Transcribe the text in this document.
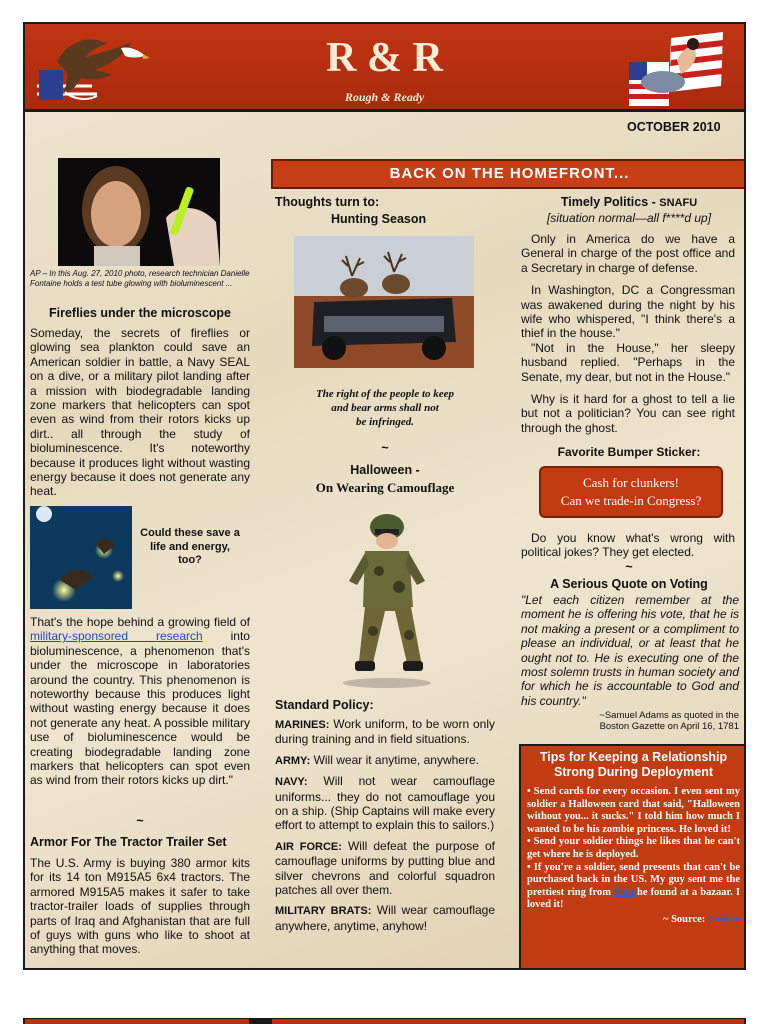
R & R
Rough & Ready
OCTOBER 2010
AP – In this Aug. 27, 2010 photo, research technician Danielle Fontaine holds a test tube glowing with bioluminescent ...
Fireflies under the microscope

Someday, the secrets of fireflies or glowing sea plankton could save an American soldier in battle, a Navy SEAL on a dive, or a military pilot landing after a mission with biodegradable landing zone markers that helicopters can spot even as wind from their rotors kicks up dirt.. all through the study of bioluminescence. It's noteworthy because it produces light without wasting energy because it does not generate any heat.

Could these save a life and energy, too?

That's the hope behind a growing field of military-sponsored research into bioluminescence, a phenomenon that's under the microscope in laboratories around the country. This phenomenon is noteworthy because this produces light without wasting energy because it does not generate any heat. A possible military use of bioluminescence would be creating biodegradable landing zone markers that helicopters can spot even as wind from their rotors kicks up dirt."

~
Armor For The Tractor Trailer Set

The U.S. Army is buying 380 armor kits for its 14 ton M915A5 6x4 tractors. The armored M915A5 makes it safer to take tractor-trailer loads of supplies through parts of Iraq and Afghanistan that are full of guys with guns who like to shoot at anything that moves.

BACK ON THE HOMEFRONT...
Thoughts turn to:
Hunting Season
The right of the people to keep
and bear arms shall not
be infringed.
~
Halloween -
On Wearing Camouflage
Standard Policy:

MARINES: Work uniform, to be worn only during training and in field situations.

ARMY: Will wear it anytime, anywhere.

NAVY: Will not wear camouflage uniforms... they do not camouflage you on a ship. (Ship Captains will make every effort to attempt to explain this to sailors.)

AIR FORCE: Will defeat the purpose of camouflage uniforms by putting blue and silver chevrons and colorful squadron patches all over them.

MILITARY BRATS: Will wear camouflage anywhere, anytime, anyhow!

Timely Politics - SNAFU
[situation normal—all f****d up]

Only in America do we have a General in charge of the post office and a Secretary in charge of defense.

In Washington, DC a Congressman was awakened during the night by his wife who whispered, "I think there's a thief in the house."

"Not in the House," her sleepy husband replied. "Perhaps in the Senate, my dear, but not in the House."

Why is it hard for a ghost to tell a lie but not a politician? You can see right through the ghost.

Favorite Bumper Sticker:
Cash for clunkers!
Can we trade-in Congress?

Do you know what's wrong with political jokes? They get elected.

~
A Serious Quote on Voting

"Let each citizen remember at the moment he is offering his vote, that he is not making a present or a compliment to please an individual, or at least that he ought not to. He is executing one of the most solemn trusts in human society and for which he is accountable to God and his country."

~Samuel Adams as quoted in the
Boston Gazette on April 16, 1781
Tips for Keeping a Relationship Strong During Deployment

• Send cards for every occasion. I even sent my soldier a Halloween card that said, "Halloween without you... it sucks." I told him how much I wanted to be his zombie princess. He loved it!

• Send your soldier things he likes that he can't get where he is deployed.

• If you're a soldier, send presents that can't be purchased back in the US. My guy sent me the prettiest ring from Iraq he found at a bazaar. I loved it!

~ Source: Lolotte
